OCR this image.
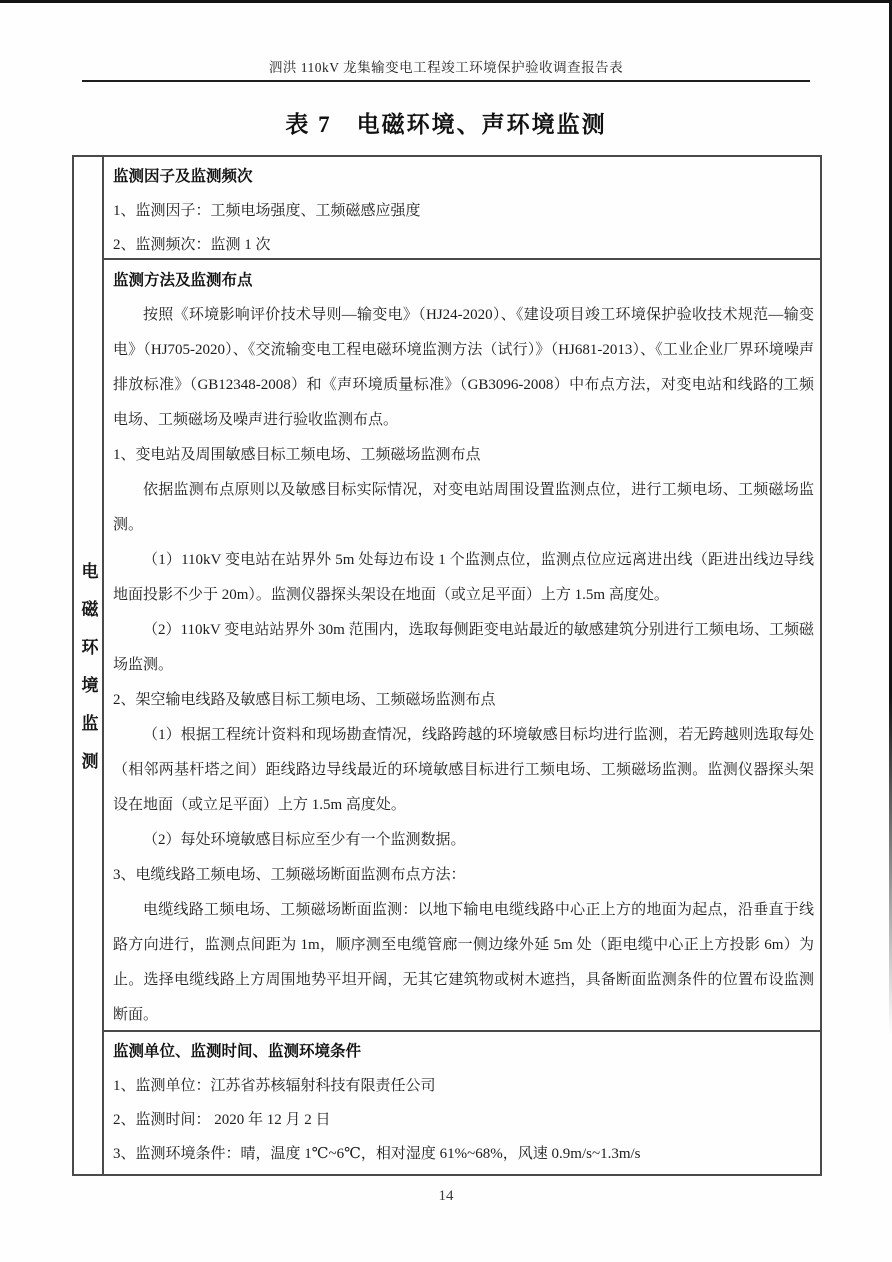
泗洪 110kV 龙集输变电工程竣工环境保护验收调查报告表
表 7　电磁环境、声环境监测
电磁环境监测
监测因子及监测频次
1、监测因子：工频电场强度、工频磁感应强度
2、监测频次：监测 1 次
监测方法及监测布点
按照《环境影响评价技术导则—输变电》（HJ24-2020）、《建设项目竣工环境保护验收技术规范—输变电》（HJ705-2020）、《交流输变电工程电磁环境监测方法（试行）》（HJ681-2013）、《工业企业厂界环境噪声排放标准》（GB12348-2008）和《声环境质量标准》（GB3096-2008）中布点方法，对变电站和线路的工频电场、工频磁场及噪声进行验收监测布点。
1、变电站及周围敏感目标工频电场、工频磁场监测布点
依据监测布点原则以及敏感目标实际情况，对变电站周围设置监测点位，进行工频电场、工频磁场监测。
（1）110kV 变电站在站界外 5m 处每边布设 1 个监测点位，监测点位应远离进出线（距进出线边导线地面投影不少于 20m）。监测仪器探头架设在地面（或立足平面）上方 1.5m 高度处。
（2）110kV 变电站站界外 30m 范围内，选取每侧距变电站最近的敏感建筑分别进行工频电场、工频磁场监测。
2、架空输电线路及敏感目标工频电场、工频磁场监测布点
（1）根据工程统计资料和现场勘查情况，线路跨越的环境敏感目标均进行监测，若无跨越则选取每处（相邻两基杆塔之间）距线路边导线最近的环境敏感目标进行工频电场、工频磁场监测。监测仪器探头架设在地面（或立足平面）上方 1.5m 高度处。
（2）每处环境敏感目标应至少有一个监测数据。
3、电缆线路工频电场、工频磁场断面监测布点方法：
电缆线路工频电场、工频磁场断面监测：以地下输电电缆线路中心正上方的地面为起点，沿垂直于线路方向进行，监测点间距为 1m，顺序测至电缆管廊一侧边缘外延 5m 处（距电缆中心正上方投影 6m）为止。选择电缆线路上方周围地势平坦开阔，无其它建筑物或树木遮挡，具备断面监测条件的位置布设监测断面。
监测单位、监测时间、监测环境条件
1、监测单位：江苏省苏核辐射科技有限责任公司
2、监测时间： 2020 年 12 月 2 日
3、监测环境条件：晴，温度 1℃~6℃，相对湿度 61%~68%，风速 0.9m/s~1.3m/s
14
